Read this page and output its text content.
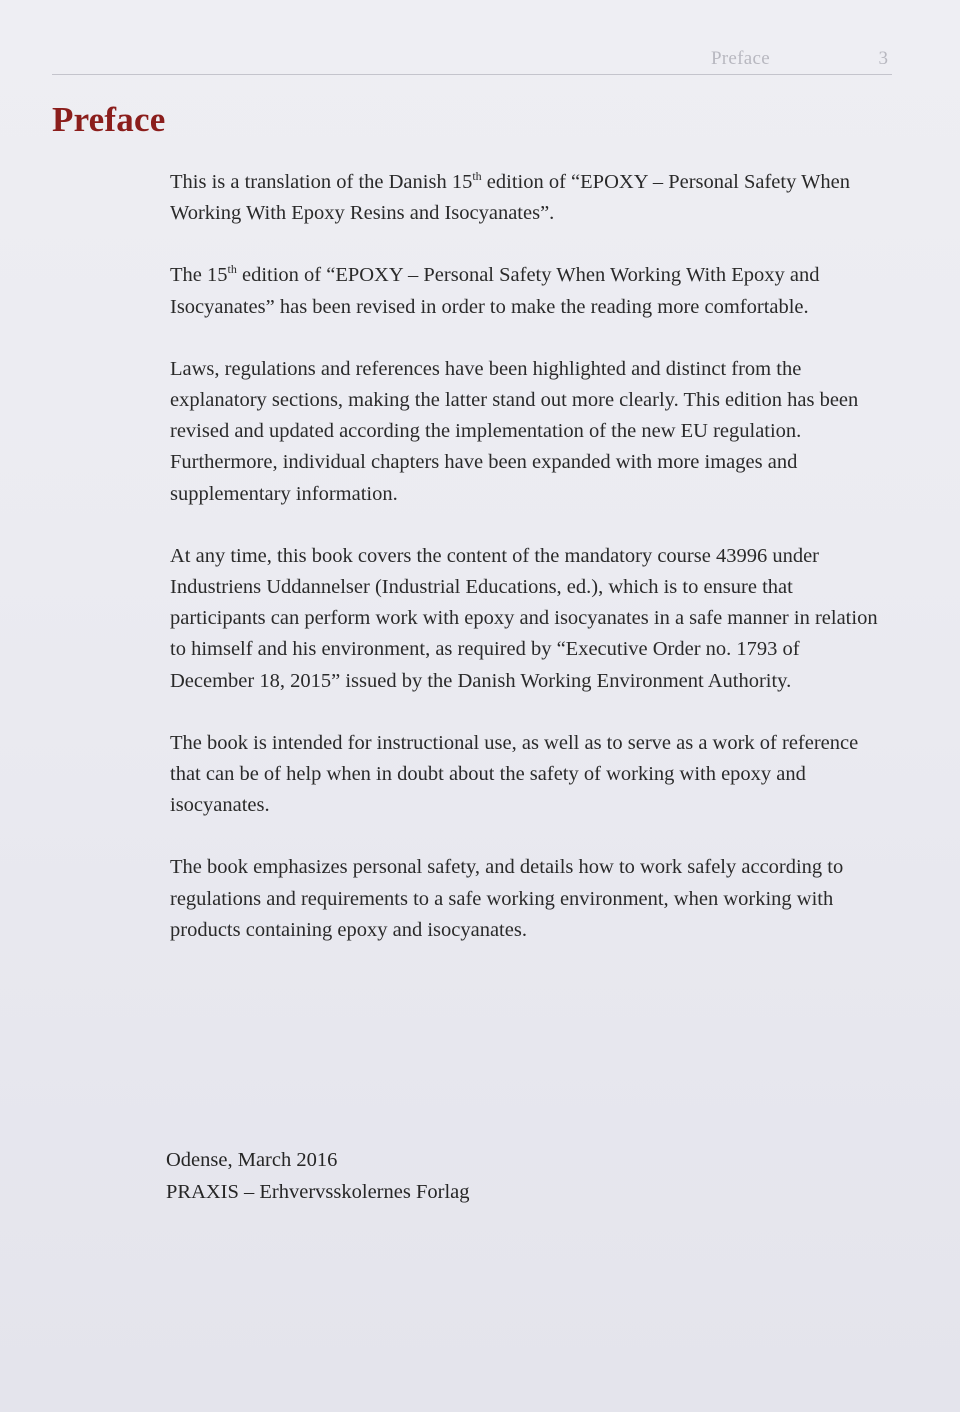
Preface	3
Preface

This is a translation of the Danish 15th edition of “EPOXY – Personal Safety When Working With Epoxy Resins and Isocyanates”.

The 15th edition of “EPOXY – Personal Safety When Working With Epoxy and Isocyanates” has been revised in order to make the reading more comfortable.

Laws, regulations and references have been highlighted and distinct from the explanatory sections, making the latter stand out more clearly. This edition has been revised and updated according the implementation of the new EU regulation. Furthermore, individual chapters have been expanded with more images and supplementary information.

At any time, this book covers the content of the mandatory course 43996 under Industriens Uddannelser (Industrial Educations, ed.), which is to ensure that participants can perform work with epoxy and isocyanates in a safe manner in relation to himself and his environment, as required by “Executive Order no. 1793 of December 18, 2015” issued by the Danish Working Environment Authority.

The book is intended for instructional use, as well as to serve as a work of reference that can be of help when in doubt about the safety of working with epoxy and isocyanates.

The book emphasizes personal safety, and details how to work safely according to regulations and requirements to a safe working environment, when working with products containing epoxy and isocyanates.

Odense, March 2016
PRAXIS – Erhvervsskolernes Forlag
